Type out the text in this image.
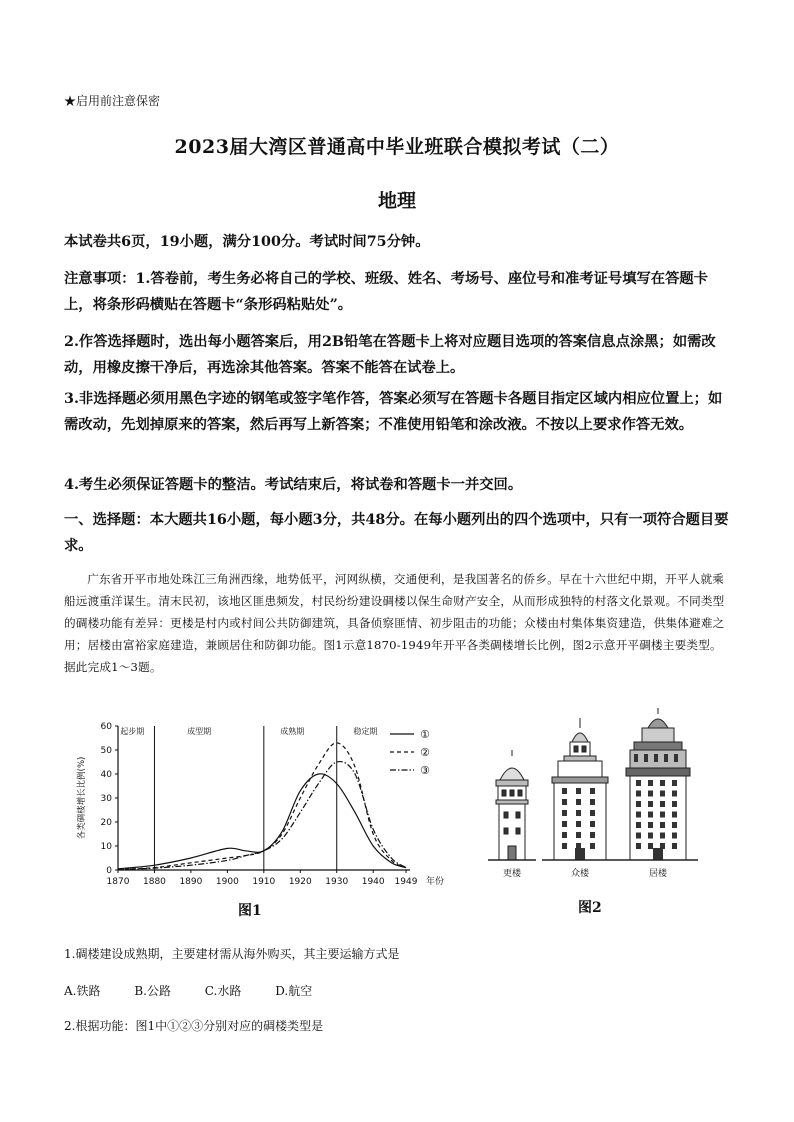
★启用前注意保密
2023届大湾区普通高中毕业班联合模拟考试（二）
地理
本试卷共6页，19小题，满分100分。考试时间75分钟。
注意事项：1.答卷前，考生务必将自己的学校、班级、姓名、考场号、座位号和准考证号填写在答题卡上，将条形码横贴在答题卡“条形码粘贴处”。
2.作答选择题时，选出每小题答案后，用2B铅笔在答题卡上将对应题目选项的答案信息点涂黑；如需改动，用橡皮擦干净后，再选涂其他答案。答案不能答在试卷上。
3.非选择题必须用黑色字迹的钢笔或签字笔作答，答案必须写在答题卡各题目指定区域内相应位置上；如需改动，先划掉原来的答案，然后再写上新答案；不准使用铅笔和涂改液。不按以上要求作答无效。
4.考生必须保证答题卡的整洁。考试结束后，将试卷和答题卡一并交回。
一、选择题：本大题共16小题，每小题3分，共48分。在每小题列出的四个选项中，只有一项符合题目要求。
广东省开平市地处珠江三角洲西缘，地势低平，河网纵横，交通便利，是我国著名的侨乡。早在十六世纪中期，开平人就乘船远渡重洋谋生。清末民初，该地区匪患频发，村民纷纷建设碉楼以保生命财产安全，从而形成独特的村落文化景观。不同类型的碉楼功能有差异：更楼是村内或村间公共防御建筑，具备侦察匪情、初步阻击的功能；众楼由村集体集资建造，供集体避难之用；居楼由富裕家庭建造，兼顾居住和防御功能。图1示意1870-1949年开平各类碉楼增长比例，图2示意开平碉楼主要类型。据此完成1～3题。
0
10
20
30
40
50
60
1870 1880 1890 1900 1910 1920 1930 1940 1949 年份
各类碉楼增长比例(%)
起步期	成型期	成熟期	稳定期	①
②
③
图1
更楼	众楼	居楼
图2
1.碉楼建设成熟期，主要建材需从海外购买，其主要运输方式是
A.铁路	B.公路	C.水路	D.航空
2.根据功能：图1中①②③分别对应的碉楼类型是
